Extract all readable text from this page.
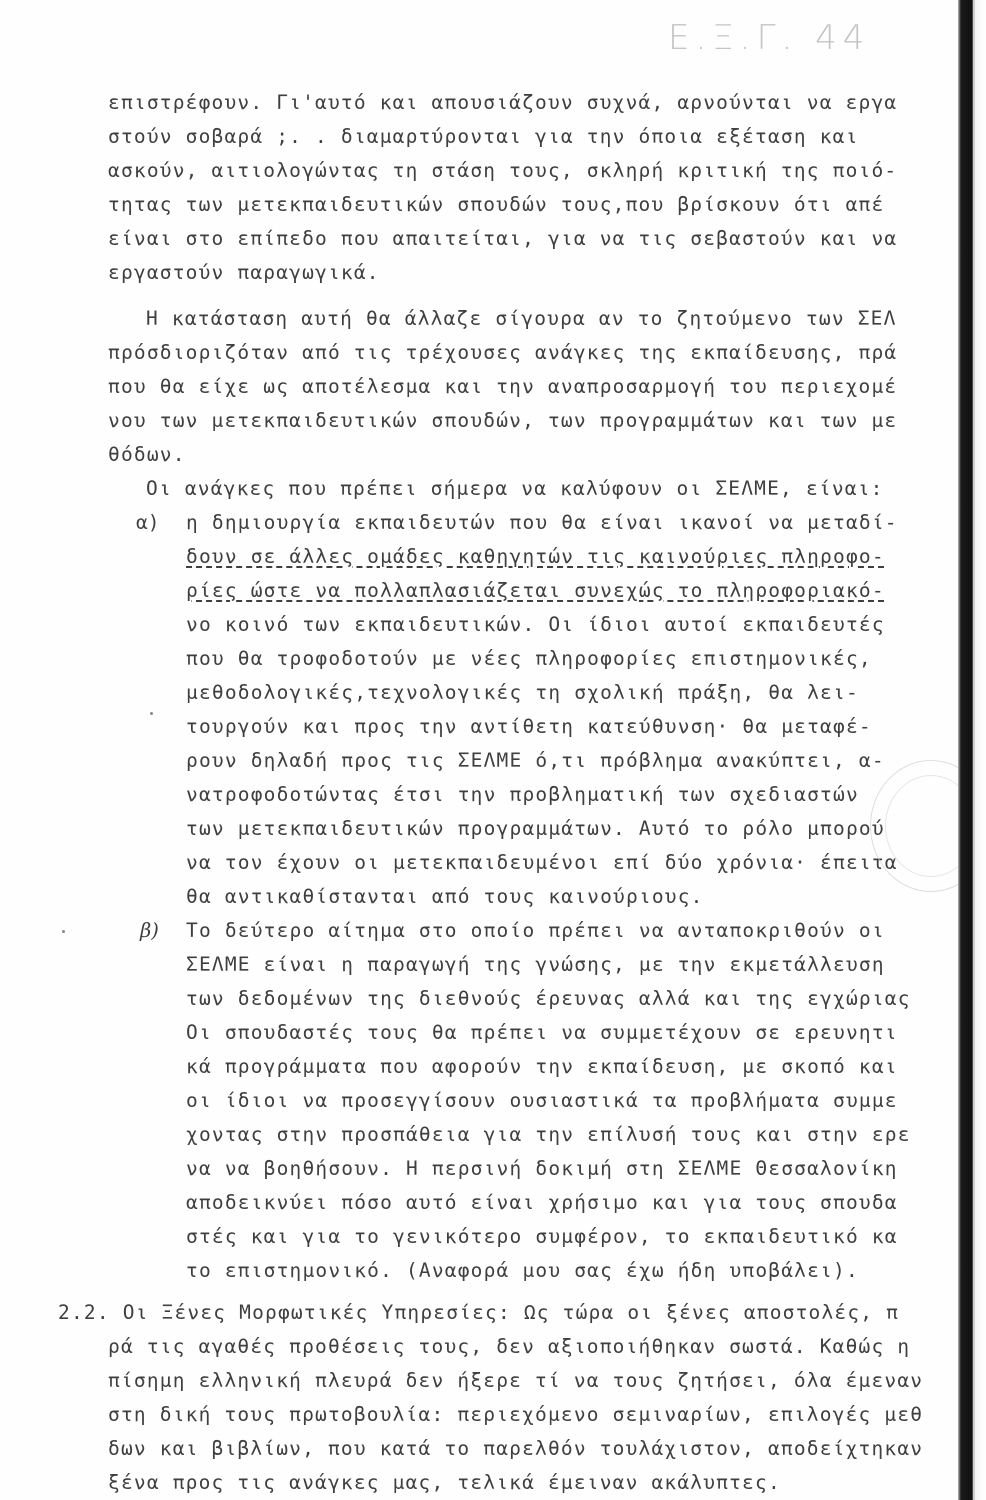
Ε.Ξ.Γ. 44
επιστρέφουν. Γι'αυτό και απουσιάζουν συχνά, αρνούνται να εργα
στούν σοβαρά ;. . διαμαρτύρονται για την όποια εξέταση και
ασκούν, αιτιολογώντας τη στάση τους, σκληρή κριτική της ποιό-
τητας των μετεκπαιδευτικών σπουδών τους,που βρίσκουν ότι απέ
είναι στο επίπεδο που απαιτείται, για να τις σεβαστούν και να
εργαστούν παραγωγικά.
Η κατάσταση αυτή θα άλλαζε σίγουρα αν το ζητούμενο των ΣΕΛ
πρόσδιοριζόταν από τις τρέχουσες ανάγκες της εκπαίδευσης, πρά
που θα είχε ως αποτέλεσμα και την αναπροσαρμογή του περιεχομέ
νου των μετεκπαιδευτικών σπουδών, των προγραμμάτων και των με
θόδων.
Οι ανάγκες που πρέπει σήμερα να καλύφουν οι ΣΕΛΜΕ, είναι:
α) η δημιουργία εκπαιδευτών που θα είναι ικανοί να μεταδί-
δουν σε άλλες ομάδες καθηγητών τις καινούριες πληροφο-
ρίες ώστε να πολλαπλασιάζεται συνεχώς το πληροφοριακό-
νο κοινό των εκπαιδευτικών. Οι ίδιοι αυτοί εκπαιδευτές
που θα τροφοδοτούν με νέες πληροφορίες επιστημονικές,
μεθοδολογικές,τεχνολογικές τη σχολική πράξη, θα λει-
τουργούν και προς την αντίθετη κατεύθυνση· θα μεταφέ-
ρουν δηλαδή προς τις ΣΕΛΜΕ ό,τι πρόβλημα ανακύπτει, α-
νατροφοδοτώντας έτσι την προβληματική των σχεδιαστών
των μετεκπαιδευτικών προγραμμάτων. Αυτό το ρόλο μπορού
να τον έχουν οι μετεκπαιδευμένοι επί δύο χρόνια· έπειτα
θα αντικαθίστανται από τους καινούριους.
β) Το δεύτερο αίτημα στο οποίο πρέπει να ανταποκριθούν οι
ΣΕΛΜΕ είναι η παραγωγή της γνώσης, με την εκμετάλλευση
των δεδομένων της διεθνούς έρευνας αλλά και της εγχώριας
Οι σπουδαστές τους θα πρέπει να συμμετέχουν σε ερευνητι
κά προγράμματα που αφορούν την εκπαίδευση, με σκοπό και
οι ίδιοι να προσεγγίσουν ουσιαστικά τα προβλήματα συμμε
χοντας στην προσπάθεια για την επίλυσή τους και στην ερε
να να βοηθήσουν. Η περσινή δοκιμή στη ΣΕΛΜΕ Θεσσαλονίκη
αποδεικνύει πόσο αυτό είναι χρήσιμο και για τους σπουδα
στές και για το γενικότερο συμφέρον, το εκπαιδευτικό κα
το επιστημονικό. (Αναφορά μου σας έχω ήδη υποβάλει).
2.2. Οι Ξένες Μορφωτικές Υπηρεσίες: Ως τώρα οι ξένες αποστολές, π
ρά τις αγαθές προθέσεις τους, δεν αξιοποιήθηκαν σωστά. Καθώς η
πίσημη ελληνική πλευρά δεν ήξερε τί να τους ζητήσει, όλα έμεναν
στη δική τους πρωτοβουλία: περιεχόμενο σεμιναρίων, επιλογές μεθ
δων και βιβλίων, που κατά το παρελθόν τουλάχιστον, αποδείχτηκαν
ξένα προς τις ανάγκες μας, τελικά έμειναν ακάλυπτες.
